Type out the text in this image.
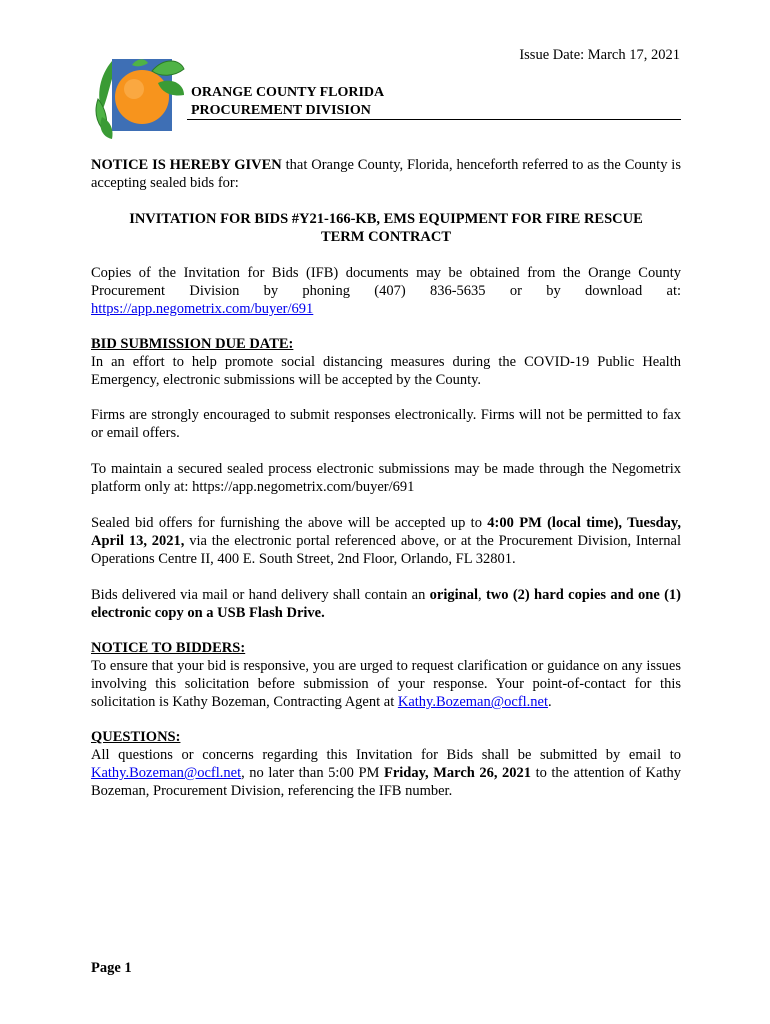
Issue Date: March 17, 2021
ORANGE COUNTY FLORIDA
PROCUREMENT DIVISION
NOTICE IS HEREBY GIVEN that Orange County, Florida, henceforth referred to as the County is accepting sealed bids for:
INVITATION FOR BIDS #Y21-166-KB, EMS EQUIPMENT FOR FIRE RESCUE
TERM CONTRACT
Copies of the Invitation for Bids (IFB) documents may be obtained from the Orange County Procurement Division by phoning (407) 836-5635 or by download at: https://app.negometrix.com/buyer/691
BID SUBMISSION DUE DATE:
In an effort to help promote social distancing measures during the COVID-19 Public Health Emergency, electronic submissions will be accepted by the County.
Firms are strongly encouraged to submit responses electronically. Firms will not be permitted to fax or email offers.
To maintain a secured sealed process electronic submissions may be made through the Negometrix platform only at: https://app.negometrix.com/buyer/691
Sealed bid offers for furnishing the above will be accepted up to 4:00 PM (local time), Tuesday, April 13, 2021, via the electronic portal referenced above, or at the Procurement Division, Internal Operations Centre II, 400 E. South Street, 2nd Floor, Orlando, FL 32801.
Bids delivered via mail or hand delivery shall contain an original, two (2) hard copies and one (1) electronic copy on a USB Flash Drive.
NOTICE TO BIDDERS:
To ensure that your bid is responsive, you are urged to request clarification or guidance on any issues involving this solicitation before submission of your response. Your point-of-contact for this solicitation is Kathy Bozeman, Contracting Agent at Kathy.Bozeman@ocfl.net.
QUESTIONS:
All questions or concerns regarding this Invitation for Bids shall be submitted by email to Kathy.Bozeman@ocfl.net, no later than 5:00 PM Friday, March 26, 2021 to the attention of Kathy Bozeman, Procurement Division, referencing the IFB number.
Page 1
